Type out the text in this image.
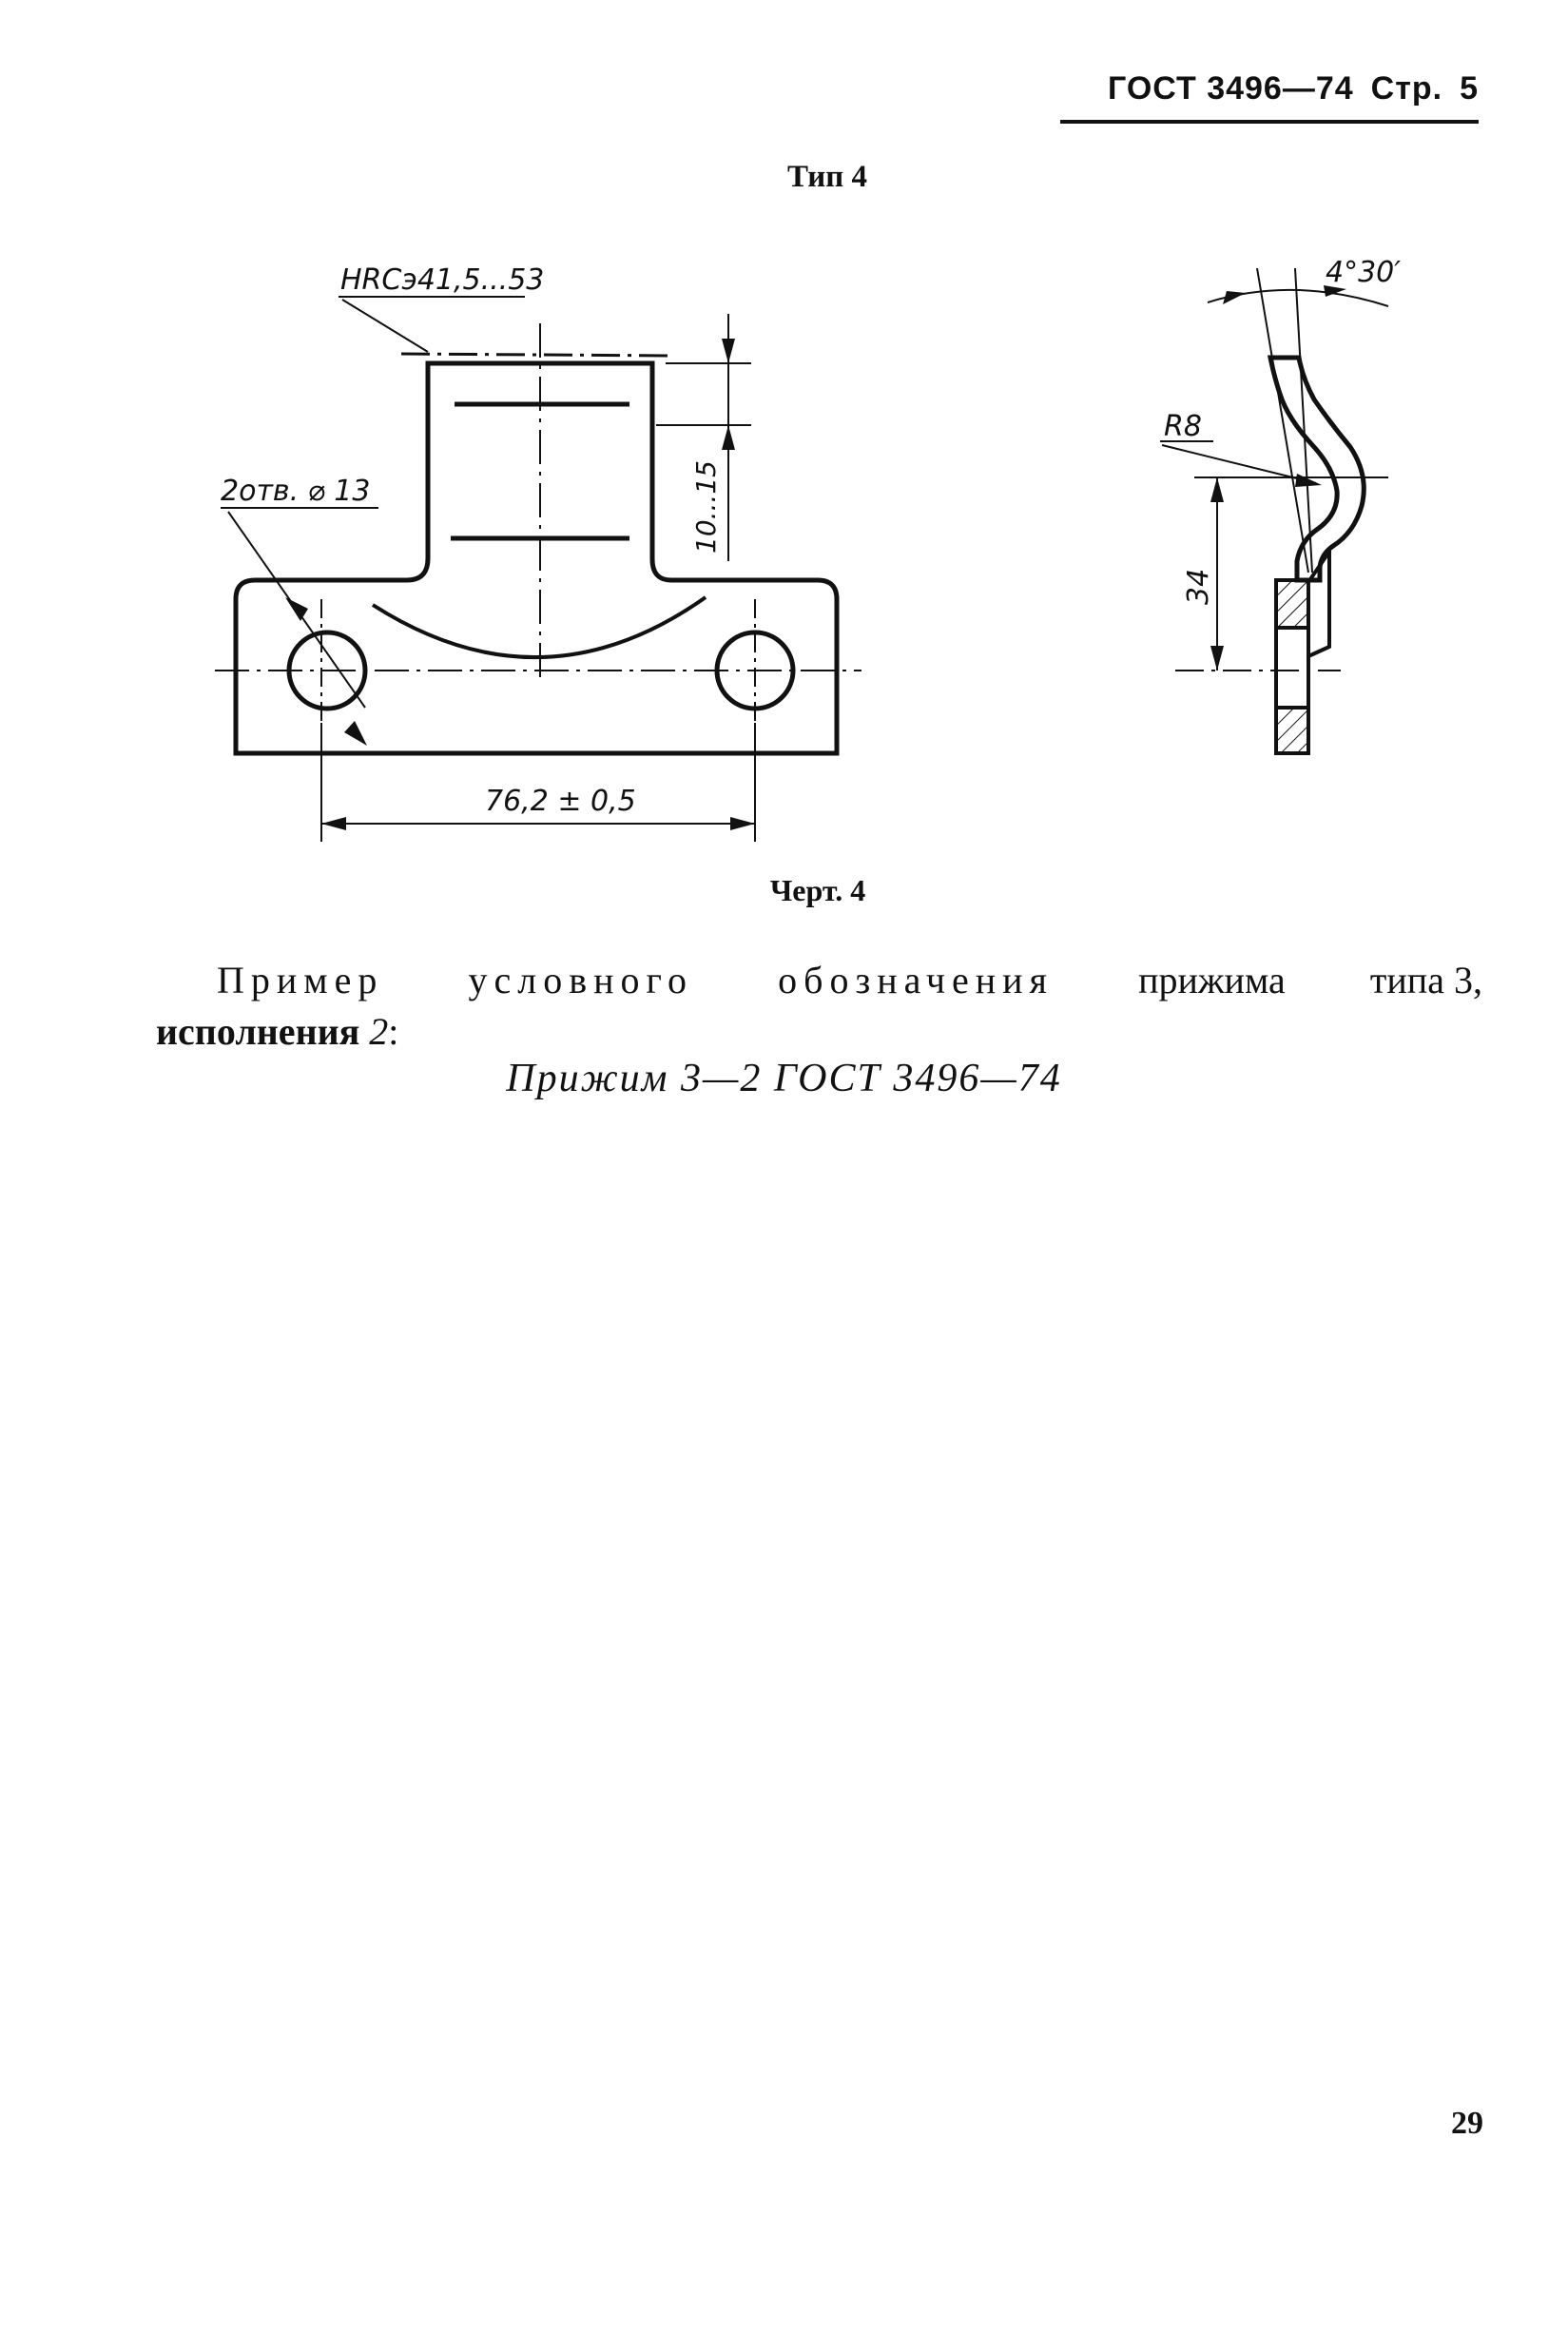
ГОСТ 3496—74 Стр. 5
Тип 4
HRCэ41,5...53
2отв. ⌀ 13	10...15
76,2 ± 0,5
4°30′
R8
34
Черт. 4
Пример условного обозначения прижима типа 3,
исполнения 2:
Прижим 3—2 ГОСТ 3496—74
29
